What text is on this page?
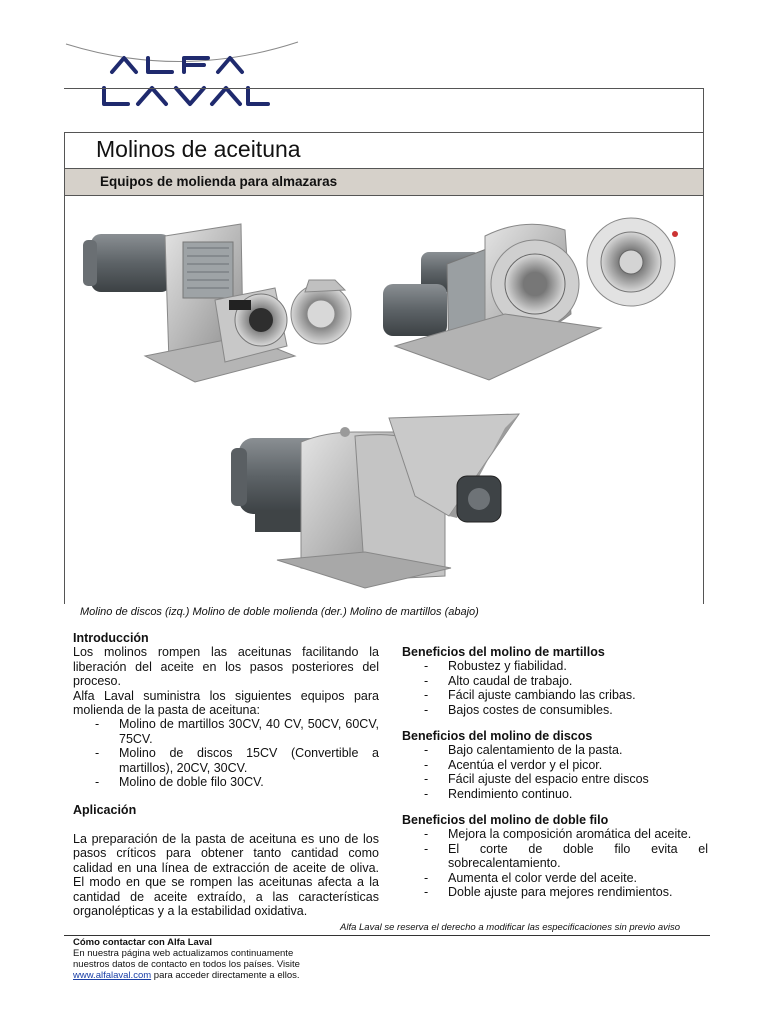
Molinos de aceituna
Equipos de molienda para almazaras
Molino de discos (izq.) Molino de doble molienda (der.) Molino de martillos (abajo)
Introducción
Los molinos rompen las aceitunas facilitando la liberación del aceite en los pasos posteriores del proceso.
Alfa Laval suministra los siguientes equipos para molienda de la pasta de aceituna:
- Molino de martillos 30CV, 40 CV, 50CV, 60CV, 75CV.
- Molino de discos 15CV (Convertible a martillos), 20CV, 30CV.
- Molino de doble filo 30CV.
Aplicación
La preparación de la pasta de aceituna es uno de los pasos críticos para obtener tanto cantidad como calidad en una línea de extracción de aceite de oliva. El modo en que se rompen las aceitunas afecta a la cantidad de aceite extraído, a las características organolépticas y a la estabilidad oxidativa.
Beneficios del molino de martillos
- Robustez y fiabilidad.
- Alto caudal de trabajo.
- Fácil ajuste cambiando las cribas.
- Bajos costes de consumibles.
Beneficios del molino de discos
- Bajo calentamiento de la pasta.
- Acentúa el verdor y el picor.
- Fácil ajuste del espacio entre discos
- Rendimiento continuo.
Beneficios del molino de doble filo
- Mejora la composición aromática del aceite.
- El corte de doble filo evita el sobrecalentamiento.
- Aumenta el color verde del aceite.
- Doble ajuste para mejores rendimientos.
Alfa Laval se reserva el derecho a modificar las especificaciones sin previo aviso
Cómo contactar con Alfa Laval
En nuestra página web actualizamos continuamente
nuestros datos de contacto en todos los países. Visite
www.alfalaval.com para acceder directamente a ellos.
